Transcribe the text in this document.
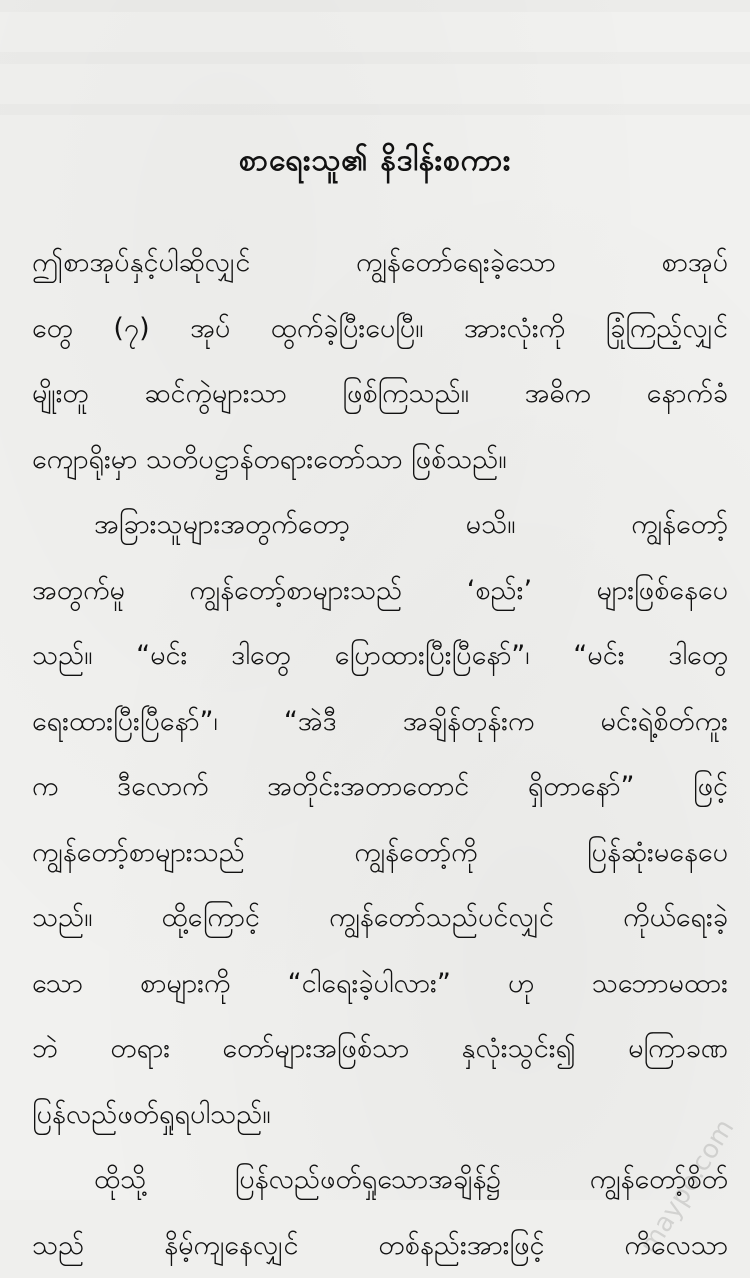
စာရေးသူ၏ နိဒါန်းစကား
ဤစာအုပ်နှင့်ပါဆိုလျှင် ကျွန်တော်ရေးခဲ့သော စာအုပ်
တွေ (၇) အုပ် ထွက်ခဲ့ပြီးပေပြီ။ အားလုံးကို ခြုံကြည့်လျှင်
မျိုးတူ ဆင်ကွဲများသာ ဖြစ်ကြသည်။ အဓိက နောက်ခံ
ကျောရိုးမှာ သတိပဋ္ဌာန်တရားတော်သာ ဖြစ်သည်။
အခြားသူများအတွက်တော့ မသိ။ ကျွန်တော့်
အတွက်မူ ကျွန်တော့်စာများသည် ‘စည်း’ များဖြစ်နေပေ
သည်။ “မင်း ဒါတွေ ပြောထားပြီးပြီနော်”၊ “မင်း ဒါတွေ
ရေးထားပြီးပြီနော်”၊ “အဲဒီ အချိန်တုန်းက မင်းရဲ့စိတ်ကူး
က ဒီလောက် အတိုင်းအတာတောင် ရှိတာနော်” ဖြင့်
ကျွန်တော့်စာများသည် ကျွန်တော့်ကို ပြန်ဆုံးမနေပေ
သည်။ ထို့ကြောင့် ကျွန်တော်သည်ပင်လျှင် ကိုယ်ရေးခဲ့
သော စာများကို “ငါရေးခဲ့ပါလား” ဟု သဘောမထား
ဘဲ တရား တော်များအဖြစ်သာ နှလုံးသွင်း၍ မကြာခဏ
ပြန်လည်ဖတ်ရှုရပါသည်။
ထိုသို့ ပြန်လည်ဖတ်ရှုသောအချိန်၌ ကျွန်တော့်စိတ်
သည် နိမ့်ကျနေလျှင် တစ်နည်းအားဖြင့် ကိလေသာ
maypo.com
